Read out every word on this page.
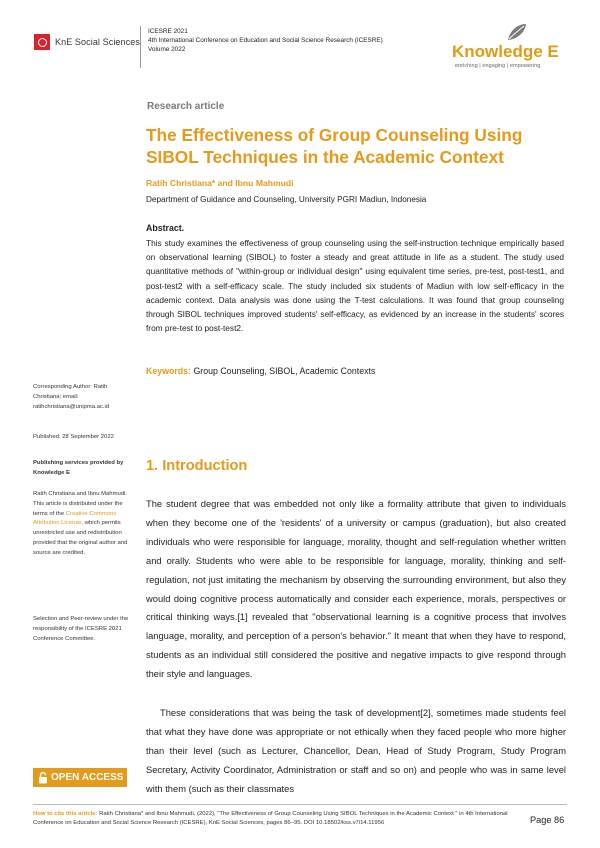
KnE Social Sciences
ICESRE 2021
4th International Conference on Education and Social Science Research (ICESRE)
Volume 2022	Knowledge E
enriching | engaging | empowering
Research article
The Effectiveness of Group Counseling Using SIBOL Techniques in the Academic Context
Ratih Christiana* and Ibnu Mahmudi
Department of Guidance and Counseling, University PGRI Madiun, Indonesia
Abstract.
This study examines the effectiveness of group counseling using the self-instruction technique empirically based on observational learning (SIBOL) to foster a steady and great attitude in life as a student. The study used quantitative methods of "within-group or individual design" using equivalent time series, pre-test, post-test1, and post-test2 with a self-efficacy scale. The study included six students of Madiun with low self-efficacy in the academic context. Data analysis was done using the T-test calculations. It was found that group counseling through SIBOL techniques improved students' self-efficacy, as evidenced by an increase in the students' scores from pre-test to post-test2.
Keywords: Group Counseling, SIBOL, Academic Contexts
Corresponding Author: Ratih Christiana; email: ratihchristiana@unipma.ac.id
Published: 28 September 2022
Publishing services provided by Knowledge E
Ratih Christiana and Ibnu Mahmudi. This article is distributed under the terms of the Creative Commons Attribution License, which permits unrestricted use and redistribution provided that the original author and source are credited.
Selection and Peer-review under the responsibility of the ICESRE 2021 Conference Committee.
OPEN ACCESS
1. Introduction
The student degree that was embedded not only like a formality attribute that given to individuals when they become one of the 'residents' of a university or campus (graduation), but also created individuals who were responsible for language, morality, thought and self-regulation whether written and orally. Students who were able to be responsible for language, morality, thinking and self-regulation, not just imitating the mechanism by observing the surrounding environment, but also they would doing cognitive process automatically and consider each experience, morals, perspectives or critical thinking ways.[1] revealed that "observational learning is a cognitive process that involves language, morality, and perception of a person's behavior." It meant that when they have to respond, students as an individual still considered the positive and negative impacts to give respond through their style and languages.
These considerations that was being the task of development[2], sometimes made students feel that what they have done was appropriate or not ethically when they faced people who more higher than their level (such as Lecturer, Chancellor, Dean, Head of Study Program, Study Program Secretary, Activity Coordinator, Administration or staff and so on) and people who was in same level with them (such as their classmates
How to cite this article: Ratih Christiana* and Ibnu Mahmudi, (2022), "The Effectiveness of Group Counseling Using SIBOL Techniques in the Academic Context " in 4th International Conference on Education and Social Science Research (ICESRE), KnE Social Sciences, pages 86–95. DOI 10.18502/kss.v7i14.11956	Page 86
